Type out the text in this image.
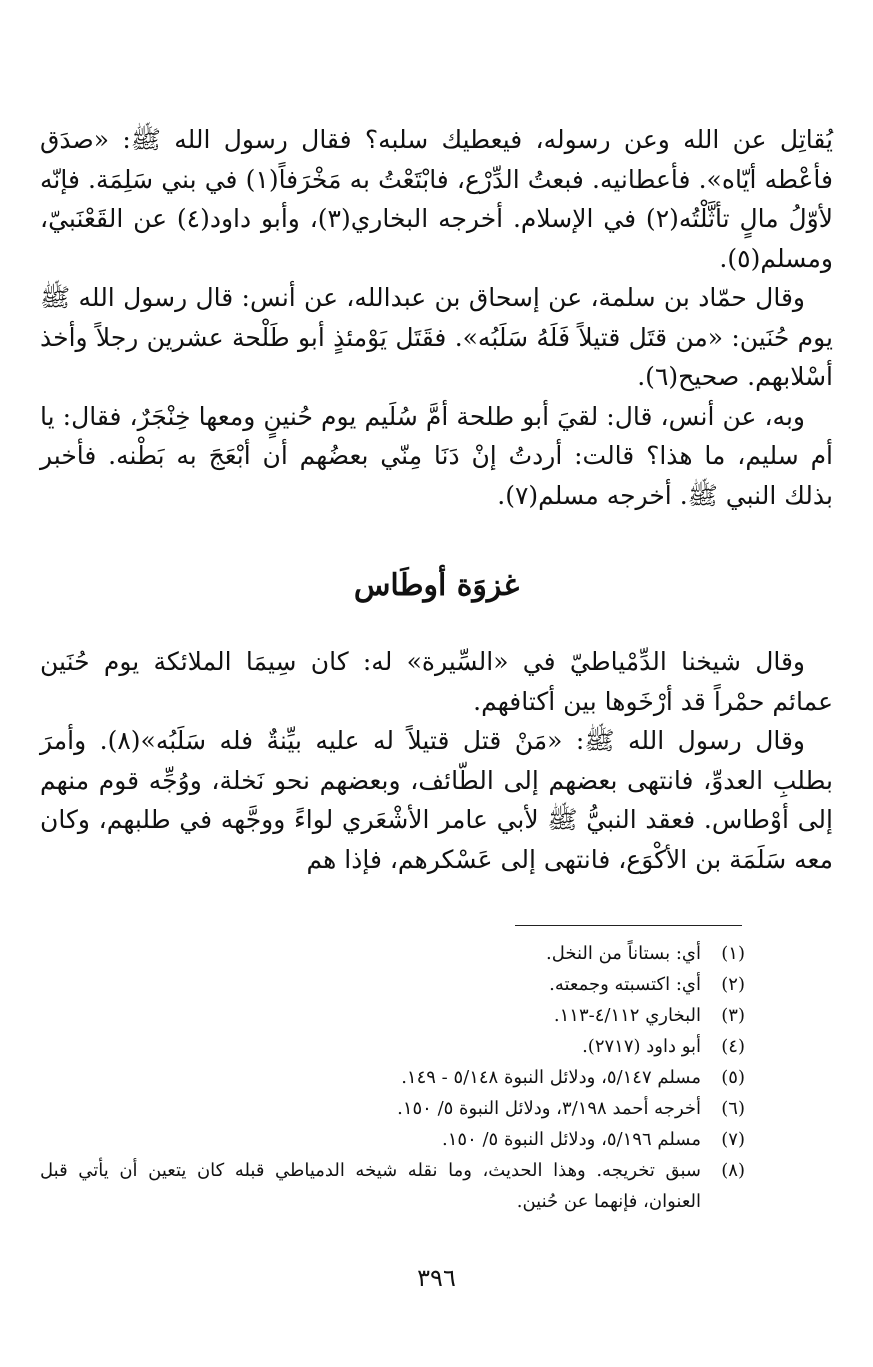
يُقاتِل عن الله وعن رسوله، فيعطيك سلبه؟ فقال رسول الله ﷺ: «صدَق فأعْطه أيّاه». فأعطانيه. فبعتُ الدِّرْع، فابْتَعْتُ به مَخْرَفاً(١) في بني سَلِمَة. فإنّه لأوّلُ مالٍ تأثَّلْتُه(٢) في الإسلام. أخرجه البخاري(٣)، وأبو داود(٤) عن القَعْنَبيّ، ومسلم(٥).

وقال حمّاد بن سلمة، عن إسحاق بن عبدالله، عن أنس: قال رسول الله ﷺ يوم حُنَين: «من قتَل قتيلاً فَلَهُ سَلَبُه». فقَتَل يَوْمئذٍ أبو طَلْحة عشرين رجلاً وأخذ أسْلابهم. صحيح(٦).

وبه، عن أنس، قال: لقيَ أبو طلحة أمَّ سُلَيم يوم حُنينٍ ومعها خِنْجَرٌ، فقال: يا أم سليم، ما هذا؟ قالت: أردتُ إنْ دَنَا مِنّي بعضُهم أن أبْعَجَ به بَطْنه. فأخبر بذلك النبي ﷺ. أخرجه مسلم(٧).

غزوَة أوطَاس

وقال شيخنا الدِّمْياطيّ في «السِّيرة» له: كان سِيمَا الملائكة يوم حُنَين عمائم حمْراً قد أرْخَوها بين أكتافهم.

وقال رسول الله ﷺ: «مَنْ قتل قتيلاً له عليه بيِّنةٌ فله سَلَبُه»(٨). وأمرَ بطلبِ العدوِّ، فانتهى بعضهم إلى الطّائف، وبعضهم نحو نَخلة، ووُجِّه قوم منهم إلى أوْطاس. فعقد النبيُّ ﷺ لأبي عامر الأشْعَري لواءً ووجَّهه في طلبهم، وكان معه سَلَمَة بن الأكْوَع، فانتهى إلى عَسْكرهم، فإذا هم

(١)
أي: بستاناً من النخل.
(٢)
أي: اكتسبته وجمعته.
(٣)
البخاري ٤/١١٢-١١٣.
(٤)
أبو داود (٢٧١٧).
(٥)
مسلم ٥/١٤٧، ودلائل النبوة ٥/١٤٨ - ١٤٩.
(٦)
أخرجه أحمد ٣/١٩٨، ودلائل النبوة ٥/ ١٥٠.
(٧)
مسلم ٥/١٩٦، ودلائل النبوة ٥/ ١٥٠.
(٨)
سبق تخريجه. وهذا الحديث، وما نقله شيخه الدمياطي قبله كان يتعين أن يأتي قبل العنوان، فإنهما عن حُنين.
٣٩٦
